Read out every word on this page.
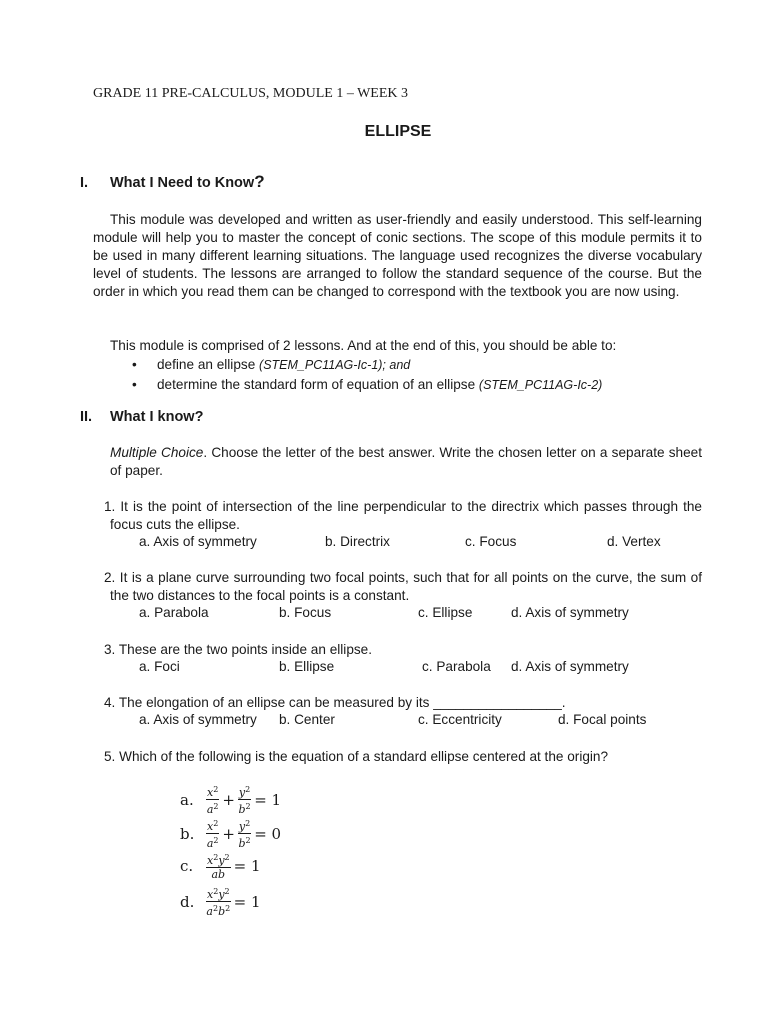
GRADE 11 PRE-CALCULUS, MODULE 1 – WEEK 3
ELLIPSE
I. What I Need to Know?
This module was developed and written as user-friendly and easily understood. This self-learning module will help you to master the concept of conic sections. The scope of this module permits it to be used in many different learning situations. The language used recognizes the diverse vocabulary level of students. The lessons are arranged to follow the standard sequence of the course. But the order in which you read them can be changed to correspond with the textbook you are now using.
This module is comprised of 2 lessons. And at the end of this, you should be able to:
• define an ellipse (STEM_PC11AG-Ic-1); and
• determine the standard form of equation of an ellipse (STEM_PC11AG-Ic-2)
II. What I know?
Multiple Choice. Choose the letter of the best answer. Write the chosen letter on a separate sheet of paper.
1. It is the point of intersection of the line perpendicular to the directrix which passes through the focus cuts the ellipse.
a. Axis of symmetry	b. Directrix	c. Focus	d. Vertex
2. It is a plane curve surrounding two focal points, such that for all points on the curve, the sum of the two distances to the focal points is a constant.
a. Parabola	b. Focus	c. Ellipse	d. Axis of symmetry
3. These are the two points inside an ellipse.
a. Foci	b. Ellipse	c. Parabola d. Axis of symmetry
4. The elongation of an ellipse can be measured by its _________________.
a. Axis of symmetry b. Center	c. Eccentricity	d. Focal points
5. Which of the following is the equation of a standard ellipse centered at the origin?
a.	$\frac{x^2}{a^2} + \frac{y^2}{b^2} = 1$
b.	$\frac{x^2}{a^2} + \frac{y^2}{b^2} = 0$
c.	$\frac{x^2y^2}{ab} = 1$
d.	$\frac{x^2y^2}{a^2b^2} = 1$
